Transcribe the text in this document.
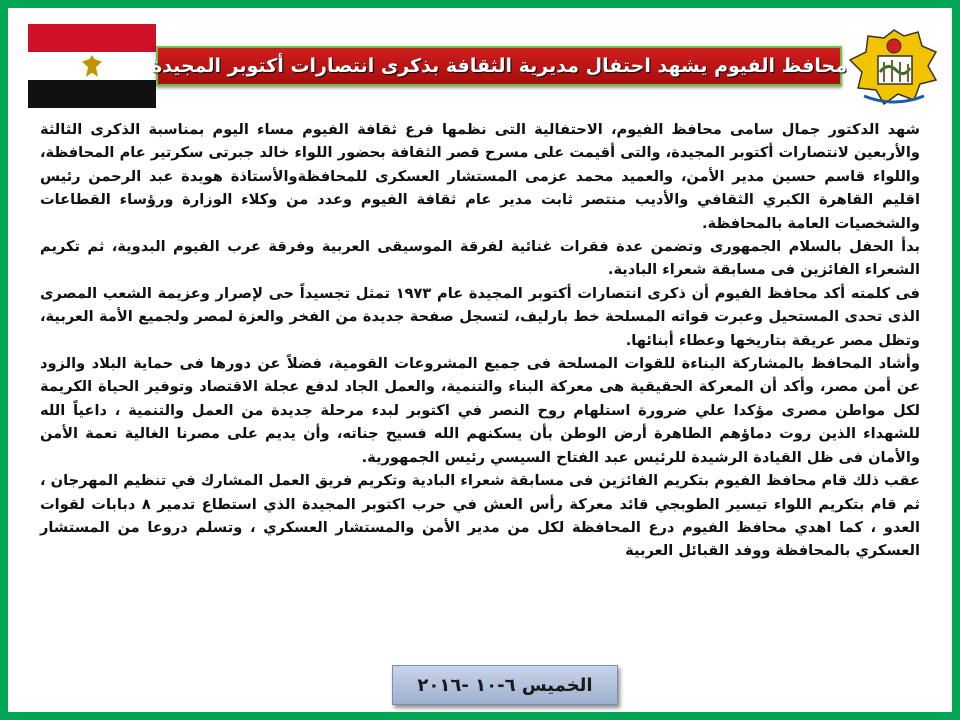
محافظ الفيوم يشهد احتفال مديرية الثقافة بذكرى انتصارات أكتوبر المجيدة

شهد الدكتور جمال سامى محافظ الفيوم، الاحتفالية التى نظمها فرع ثقافة الفيوم مساء اليوم بمناسبة الذكرى الثالثة والأربعين لانتصارات أكتوبر المجيدة، والتى أقيمت على مسرح قصر الثقافة بحضور اللواء خالد جبرتى سكرتير عام المحافظة، واللواء قاسم حسين مدير الأمن، والعميد محمد عزمى المستشار العسكرى للمحافظةوالأستاذة هويدة عبد الرحمن رئيس اقليم القاهرة الكبري الثقافي والأديب منتصر ثابت مدير عام ثقافة الفيوم وعدد من وكلاء الوزارة ورؤساء القطاعات والشخصيات العامة بالمحافظة.

بدأ الحفل بالسلام الجمهورى وتضمن عدة فقرات غنائية لفرقة الموسيقى العربية وفرقة عرب الفيوم البدوية، ثم تكريم الشعراء الفائزين فى مسابقة شعراء البادية.

فى كلمته أكد محافظ الفيوم أن ذكرى انتصارات أكتوبر المجيدة عام ١٩٧٣ تمثل تجسيداً حى لإصرار وعزيمة الشعب المصرى الذى تحدى المستحيل وعبرت قواته المسلحة خط بارليف، لتسجل صفحة جديدة من الفخر والعزة لمصر ولجميع الأمة العربية، وتظل مصر عريقة بتاريخها وعطاء أبنائها.

وأشاد المحافظ بالمشاركة البناءة للقوات المسلحة فى جميع المشروعات القومية، فضلاً عن دورها فى حماية البلاد والزود عن أمن مصر، وأكد أن المعركة الحقيقية هى معركة البناء والتنمية، والعمل الجاد لدفع عجلة الاقتصاد وتوفير الحياة الكريمة لكل مواطن مصرى مؤكدا علي ضرورة استلهام روح النصر في اكتوبر لبدء مرحلة جديدة من العمل والتنمية ، داعياً الله للشهداء الذين روت دماؤهم الطاهرة أرض الوطن بأن يسكنهم الله فسيح جناته، وأن يديم على مصرنا الغالية نعمة الأمن والأمان فى ظل القيادة الرشيدة للرئيس عبد الفتاح السيسي رئيس الجمهورية.

عقب ذلك قام محافظ الفيوم بتكريم الفائزين فى مسابقة شعراء البادية وتكريم فريق العمل المشارك في تنظيم المهرجان ، ثم قام بتكريم اللواء تيسير الطوبجي قائد معركة رأس العش في حرب اكتوبر المجيدة الذي استطاع تدمير ٨ دبابات لقوات العدو ، كما اهدي محافظ الفيوم درع المحافظة لكل من مدير الأمن والمستشار العسكري ، وتسلم دروعا من المستشار العسكري بالمحافظة ووفد القبائل العربية

الخميس ٦-١٠ -٢٠١٦
